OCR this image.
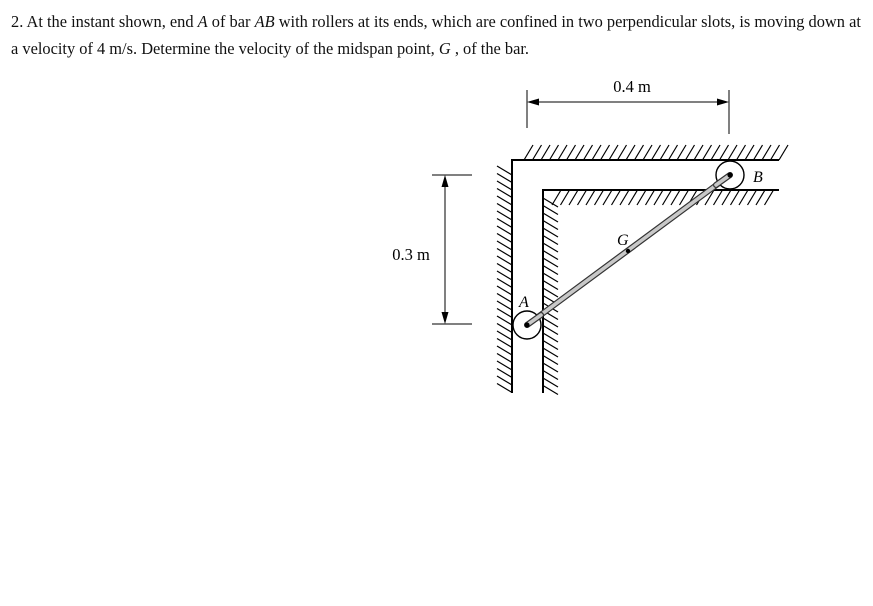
2. At the instant shown, end A of bar AB with rollers at its ends, which are confined in two perpendicular slots, is moving down at a velocity of 4 m/s. Determine the velocity of the midspan point, G , of the bar.
A
B
G
0.4 m
0.3 m
